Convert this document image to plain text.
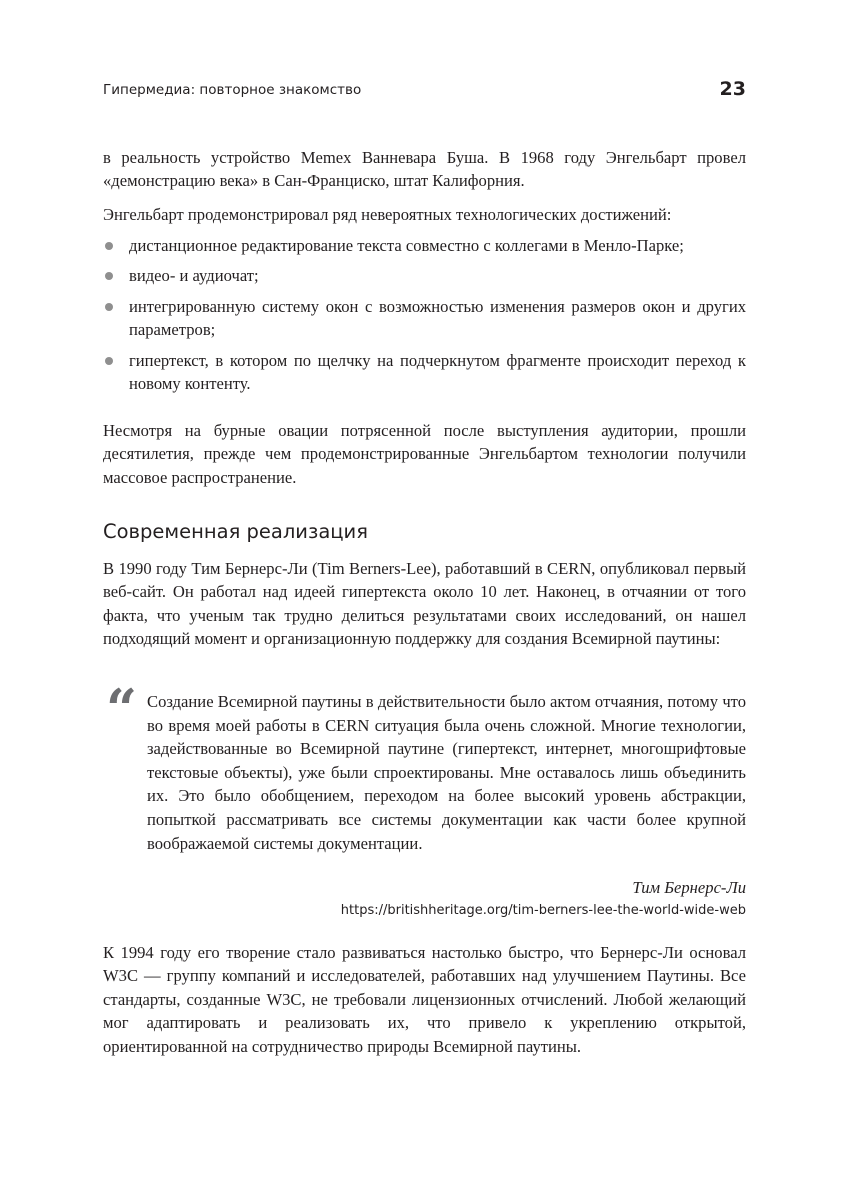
Гипермедиа: повторное знакомство	23

в реальность устройство Memex Ванневара Буша. В 1968 году Энгельбарт провел «демонстрацию века» в Сан-Франциско, штат Калифорния.

Энгельбарт продемонстрировал ряд невероятных технологических достижений:

дистанционное редактирование текста совместно с коллегами в Менло-Парке;
видео- и аудиочат;
интегрированную систему окон с возможностью изменения размеров окон и других параметров;
гипертекст, в котором по щелчку на подчеркнутом фрагменте происходит переход к новому контенту.

Несмотря на бурные овации потрясенной после выступления аудитории, прошли десятилетия, прежде чем продемонстрированные Энгельбартом технологии получили массовое распространение.

Современная реализация

В 1990 году Тим Бернерс-Ли (Tim Berners-Lee), работавший в CERN, опубликовал первый веб-сайт. Он работал над идеей гипертекста около 10 лет. Наконец, в отчаянии от того факта, что ученым так трудно делиться результатами своих исследований, он нашел подходящий момент и организационную поддержку для создания Всемирной паутины:

“ Создание Всемирной паутины в действительности было актом отчаяния, потому что во время моей работы в CERN ситуация была очень сложной. Многие технологии, задействованные во Всемирной паутине (гипертекст, интернет, многошрифтовые текстовые объекты), уже были спроектированы. Мне оставалось лишь объединить их. Это было обобщением, переходом на более высокий уровень абстракции, попыткой рассматривать все системы документации как части более крупной воображаемой системы документации.

Тим Бернерс-Ли
https://britishheritage.org/tim-berners-lee-the-world-wide-web

К 1994 году его творение стало развиваться настолько быстро, что Бернерс-Ли основал W3C — группу компаний и исследователей, работавших над улучшением Паутины. Все стандарты, созданные W3C, не требовали лицензионных отчислений. Любой желающий мог адаптировать и реализовать их, что привело к укреплению открытой, ориентированной на сотрудничество природы Всемирной паутины.
